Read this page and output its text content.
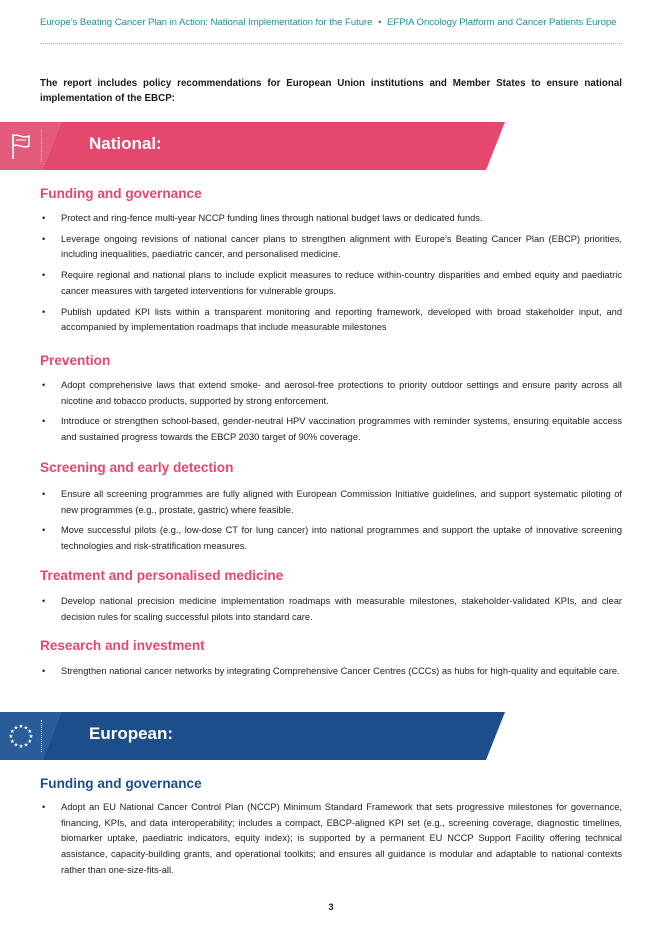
Europe’s Beating Cancer Plan in Action: National Implementation for the Future • EFPIA Oncology Platform and Cancer Patients Europe

The report includes policy recommendations for European Union institutions and Member States to ensure national implementation of the EBCP:

National:
Funding and governance
• Protect and ring-fence multi-year NCCP funding lines through national budget laws or dedicated funds.
• Leverage ongoing revisions of national cancer plans to strengthen alignment with Europe’s Beating Cancer Plan (EBCP) priorities, including inequalities, paediatric cancer, and personalised medicine.
• Require regional and national plans to include explicit measures to reduce within-country disparities and embed equity and paediatric cancer measures with targeted interventions for vulnerable groups.
• Publish updated KPI lists within a transparent monitoring and reporting framework, developed with broad stakeholder input, and accompanied by implementation roadmaps that include measurable milestones
Prevention
• Adopt comprehensive laws that extend smoke- and aerosol-free protections to priority outdoor settings and ensure parity across all nicotine and tobacco products, supported by strong enforcement.
• Introduce or strengthen school-based, gender-neutral HPV vaccination programmes with reminder systems, ensuring equitable access and sustained progress towards the EBCP 2030 target of 90% coverage.
Screening and early detection
• Ensure all screening programmes are fully aligned with European Commission Initiative guidelines, and support systematic piloting of new programmes (e.g., prostate, gastric) where feasible.
• Move successful pilots (e.g., low-dose CT for lung cancer) into national programmes and support the uptake of innovative screening technologies and risk-stratification measures.
Treatment and personalised medicine
• Develop national precision medicine implementation roadmaps with measurable milestones, stakeholder-validated KPIs, and clear decision rules for scaling successful pilots into standard care.
Research and investment
• Strengthen national cancer networks by integrating Comprehensive Cancer Centres (CCCs) as hubs for high-quality and equitable care.
★ ★
★
★
★
★
★
★
★
★
★
★	European:
Funding and governance
• Adopt an EU National Cancer Control Plan (NCCP) Minimum Standard Framework that sets progressive milestones for governance, financing, KPIs, and data interoperability; includes a compact, EBCP-aligned KPI set (e.g., screening coverage, diagnostic timelines, biomarker uptake, paediatric indicators, equity index); is supported by a permanent EU NCCP Support Facility offering technical assistance, capacity-building grants, and operational toolkits; and ensures all guidance is modular and adaptable to national contexts rather than one-size-fits-all.
3
